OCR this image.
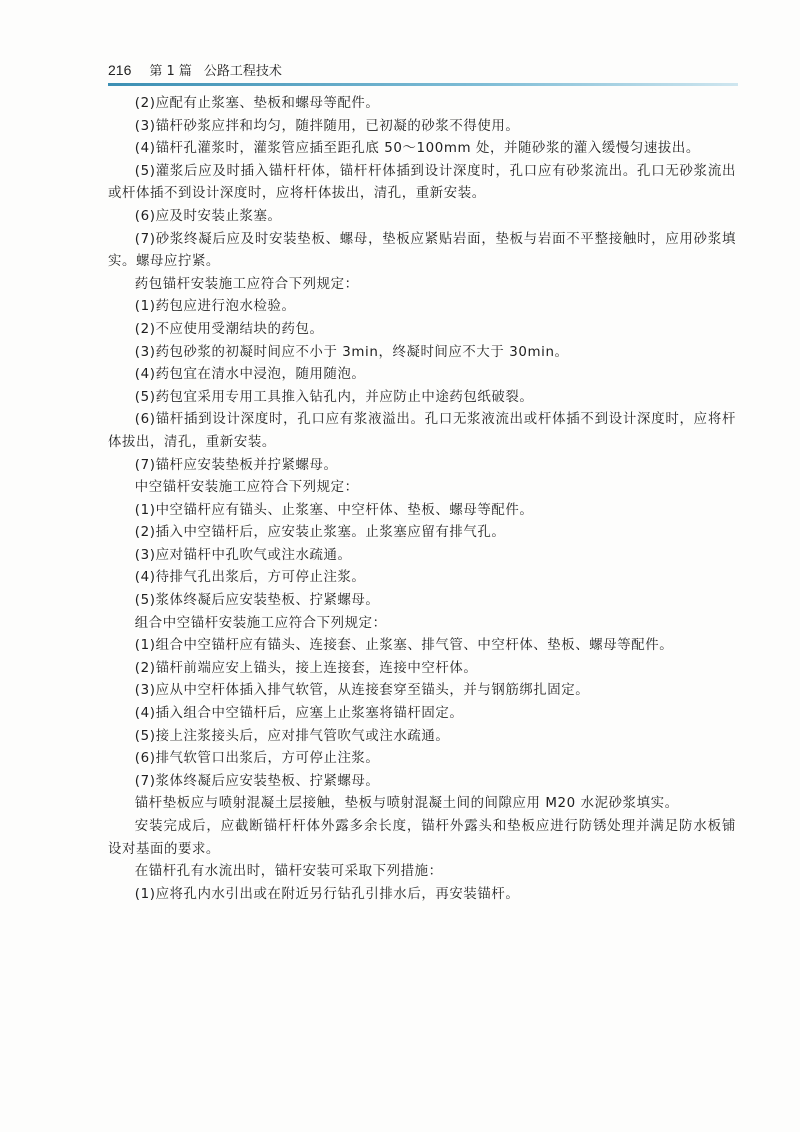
216 第 1 篇 公路工程技术

(2)应配有止浆塞、垫板和螺母等配件。

(3)锚杆砂浆应拌和均匀，随拌随用，已初凝的砂浆不得使用。

(4)锚杆孔灌浆时，灌浆管应插至距孔底 50～100mm 处，并随砂浆的灌入缓慢匀速拔出。

(5)灌浆后应及时插入锚杆杆体，锚杆杆体插到设计深度时，孔口应有砂浆流出。孔口无砂浆流出或杆体插不到设计深度时，应将杆体拔出，清孔，重新安装。

(6)应及时安装止浆塞。

(7)砂浆终凝后应及时安装垫板、螺母，垫板应紧贴岩面，垫板与岩面不平整接触时，应用砂浆填实。螺母应拧紧。

药包锚杆安装施工应符合下列规定：

(1)药包应进行泡水检验。

(2)不应使用受潮结块的药包。

(3)药包砂浆的初凝时间应不小于 3min，终凝时间应不大于 30min。

(4)药包宜在清水中浸泡，随用随泡。

(5)药包宜采用专用工具推入钻孔内，并应防止中途药包纸破裂。

(6)锚杆插到设计深度时，孔口应有浆液溢出。孔口无浆液流出或杆体插不到设计深度时，应将杆体拔出，清孔，重新安装。

(7)锚杆应安装垫板并拧紧螺母。

中空锚杆安装施工应符合下列规定：

(1)中空锚杆应有锚头、止浆塞、中空杆体、垫板、螺母等配件。

(2)插入中空锚杆后，应安装止浆塞。止浆塞应留有排气孔。

(3)应对锚杆中孔吹气或注水疏通。

(4)待排气孔出浆后，方可停止注浆。

(5)浆体终凝后应安装垫板、拧紧螺母。

组合中空锚杆安装施工应符合下列规定：

(1)组合中空锚杆应有锚头、连接套、止浆塞、排气管、中空杆体、垫板、螺母等配件。

(2)锚杆前端应安上锚头，接上连接套，连接中空杆体。

(3)应从中空杆体插入排气软管，从连接套穿至锚头，并与钢筋绑扎固定。

(4)插入组合中空锚杆后，应塞上止浆塞将锚杆固定。

(5)接上注浆接头后，应对排气管吹气或注水疏通。

(6)排气软管口出浆后，方可停止注浆。

(7)浆体终凝后应安装垫板、拧紧螺母。

锚杆垫板应与喷射混凝土层接触，垫板与喷射混凝土间的间隙应用 M20 水泥砂浆填实。

安装完成后，应截断锚杆杆体外露多余长度，锚杆外露头和垫板应进行防锈处理并满足防水板铺设对基面的要求。

在锚杆孔有水流出时，锚杆安装可采取下列措施：

(1)应将孔内水引出或在附近另行钻孔引排水后，再安装锚杆。
